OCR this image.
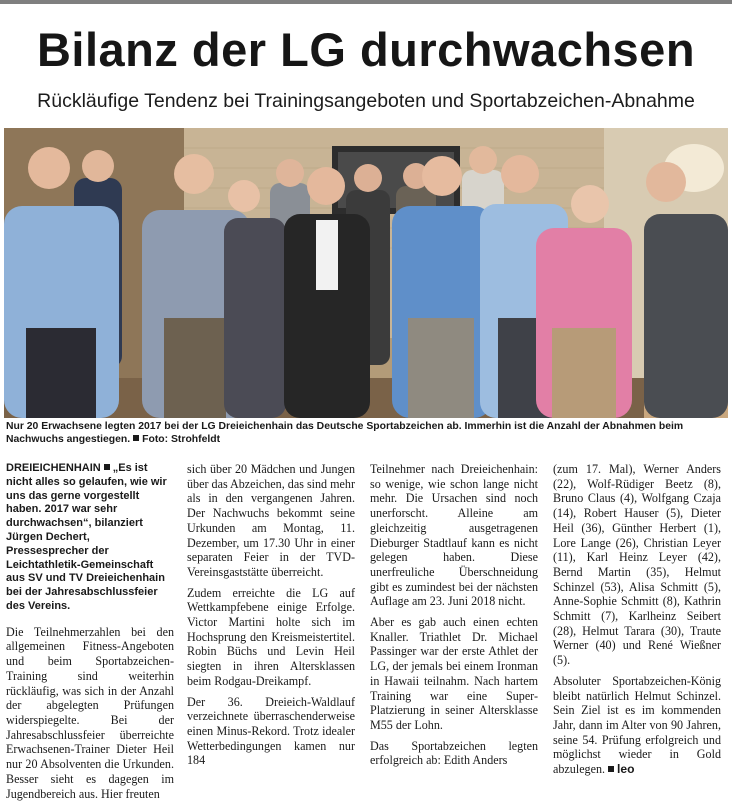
Bilanz der LG durchwachsen
Rückläufige Tendenz bei Trainingsangeboten und Sportabzeichen-Abnahme
Nur 20 Erwachsene legten 2017 bei der LG Dreieichenhain das Deutsche Sportabzeichen ab. Immerhin ist die Anzahl der Abnahmen beim Nachwuchs angestiegen. Foto: Strohfeldt

DREIEICHENHAIN „Es ist nicht alles so gelaufen, wie wir uns das gerne vorgestellt haben. 2017 war sehr durchwachsen“, bilanziert Jürgen Dechert, Pressesprecher der Leichtathletik-Gemeinschaft aus SV und TV Dreieichenhain bei der Jahresabschlussfeier des Vereins.

Die Teilnehmerzahlen bei den allgemeinen Fitness-Angeboten und beim Sportabzeichen-Training sind weiterhin rückläufig, was sich in der Anzahl der abgelegten Prüfungen widerspiegelte. Bei der Jahresabschlussfeier überreichte Erwachsenen-Trainer Dieter Heil nur 20 Absolventen die Urkunden. Besser sieht es dagegen im Jugendbereich aus. Hier freuten

sich über 20 Mädchen und Jungen über das Abzeichen, das sind mehr als in den vergangenen Jahren. Der Nachwuchs bekommt seine Urkunden am Montag, 11. Dezember, um 17.30 Uhr in einer separaten Feier in der TVD-Vereinsgaststätte überreicht.

Zudem erreichte die LG auf Wettkampfebene einige Erfolge. Victor Martini holte sich im Hochsprung den Kreismeistertitel. Robin Büchs und Levin Heil siegten in ihren Altersklassen beim Rodgau-Dreikampf.

Der 36. Dreieich-Waldlauf verzeichnete überraschenderweise einen Minus-Rekord. Trotz idealer Wetterbedingungen kamen nur 184

Teilnehmer nach Dreieichenhain: so wenige, wie schon lange nicht mehr. Die Ursachen sind noch unerforscht. Alleine am gleichzeitig ausgetragenen Dieburger Stadtlauf kann es nicht gelegen haben. Diese unerfreuliche Überschneidung gibt es zumindest bei der nächsten Auflage am 23. Juni 2018 nicht.

Aber es gab auch einen echten Knaller. Triathlet Dr. Michael Passinger war der erste Athlet der LG, der jemals bei einem Ironman in Hawaii teilnahm. Nach hartem Training war eine Super-Platzierung in seiner Altersklasse M55 der Lohn.

Das Sportabzeichen legten erfolgreich ab: Edith Anders

(zum 17. Mal), Werner Anders (22), Wolf-Rüdiger Beetz (8), Bruno Claus (4), Wolfgang Czaja (14), Robert Hauser (5), Dieter Heil (36), Günther Herbert (1), Lore Lange (26), Christian Leyer (11), Karl Heinz Leyer (42), Bernd Martin (35), Helmut Schinzel (53), Alisa Schmitt (5), Anne-Sophie Schmitt (8), Kathrin Schmitt (7), Karlheinz Seibert (28), Helmut Tarara (30), Traute Werner (40) und René Wießner (5).

Absoluter Sportabzeichen-König bleibt natürlich Helmut Schinzel. Sein Ziel ist es im kommenden Jahr, dann im Alter von 90 Jahren, seine 54. Prüfung erfolgreich und möglichst wieder in Gold abzulegen. leo
